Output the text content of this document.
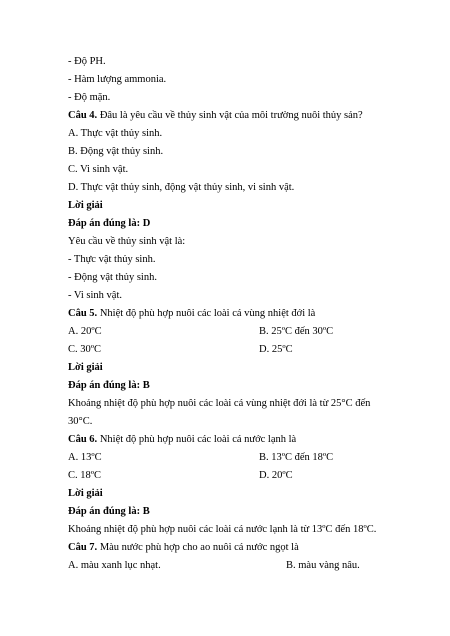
- Độ PH.
- Hàm lượng ammonia.
- Độ mặn.
Câu 4. Đâu là yêu cầu về thủy sinh vật của môi trường nuôi thủy sản?
A. Thực vật thủy sinh.
B. Động vật thủy sinh.
C. Vi sinh vật.
D. Thực vật thủy sinh, động vật thủy sinh, vi sinh vật.
Lời giải
Đáp án đúng là: D
Yêu cầu về thủy sinh vật là:
- Thực vật thủy sinh.
- Động vật thủy sinh.
- Vi sinh vật.
Câu 5. Nhiệt độ phù hợp nuôi các loài cá vùng nhiệt đới là
A. 20ºC	B. 25ºC đến 30ºC
C. 30ºC	D. 25ºC
Lời giải
Đáp án đúng là: B
Khoảng nhiệt độ phù hợp nuôi các loài cá vùng nhiệt đới là từ 25°C đến
30°C.
Câu 6. Nhiệt độ phù hợp nuôi các loài cá nước lạnh là
A. 13ºC	B. 13ºC đến 18ºC
C. 18ºC	D. 20ºC
Lời giải
Đáp án đúng là: B
Khoảng nhiệt độ phù hợp nuôi các loài cá nước lạnh là từ 13ºC đến 18ºC.
Câu 7. Màu nước phù hợp cho ao nuôi cá nước ngọt là
A. màu xanh lục nhạt.	B. màu vàng nâu.
